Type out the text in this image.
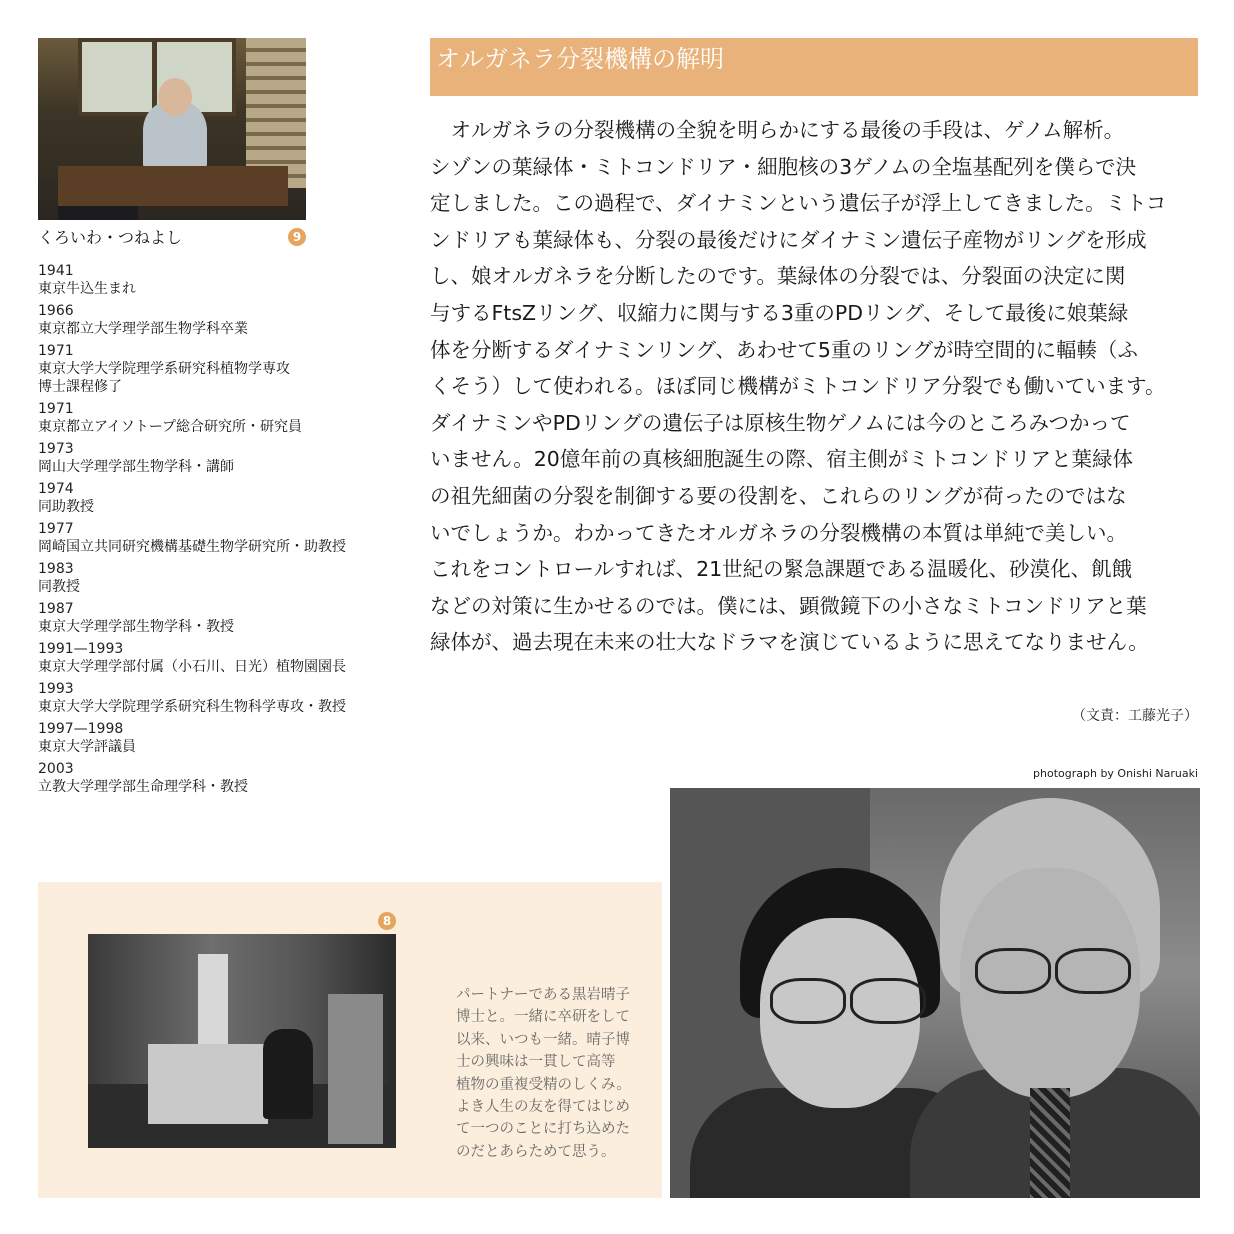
くろいわ・つねよし	9
1941
東京牛込生まれ
1966
東京都立大学理学部生物学科卒業
1971
東京大学大学院理学系研究科植物学専攻
博士課程修了
1971
東京都立アイソトープ総合研究所・研究員
1973
岡山大学理学部生物学科・講師
1974
同助教授
1977
岡崎国立共同研究機構基礎生物学研究所・助教授
1983
同教授
1987
東京大学理学部生物学科・教授
1991—1993
東京大学理学部付属（小石川、日光）植物園園長
1993
東京大学大学院理学系研究科生物科学専攻・教授
1997—1998
東京大学評議員
2003
立教大学理学部生命理学科・教授
オルガネラ分裂機構の解明
　オルガネラの分裂機構の全貌を明らかにする最後の手段は、ゲノム解析。
シゾンの葉緑体・ミトコンドリア・細胞核の3ゲノムの全塩基配列を僕らで決
定しました。この過程で、ダイナミンという遺伝子が浮上してきました。ミトコ
ンドリアも葉緑体も、分裂の最後だけにダイナミン遺伝子産物がリングを形成
し、娘オルガネラを分断したのです。葉緑体の分裂では、分裂面の決定に関
与するFtsZリング、収縮力に関与する3重のPDリング、そして最後に娘葉緑
体を分断するダイナミンリング、あわせて5重のリングが時空間的に輻輳（ふ
くそう）して使われる。ほぼ同じ機構がミトコンドリア分裂でも働いています。
ダイナミンやPDリングの遺伝子は原核生物ゲノムには今のところみつかって
いません。20億年前の真核細胞誕生の際、宿主側がミトコンドリアと葉緑体
の祖先細菌の分裂を制御する要の役割を、これらのリングが荷ったのではな
いでしょうか。わかってきたオルガネラの分裂機構の本質は単純で美しい。
これをコントロールすれば、21世紀の緊急課題である温暖化、砂漠化、飢餓
などの対策に生かせるのでは。僕には、顕微鏡下の小さなミトコンドリアと葉
緑体が、過去現在未来の壮大なドラマを演じているように思えてなりません。
（文責：工藤光子）
photograph by Onishi Naruaki
8
パートナーである黒岩晴子
博士と。一緒に卒研をして
以来、いつも一緒。晴子博
士の興味は一貫して高等
植物の重複受精のしくみ。
よき人生の友を得てはじめ
て一つのことに打ち込めた
のだとあらためて思う。
